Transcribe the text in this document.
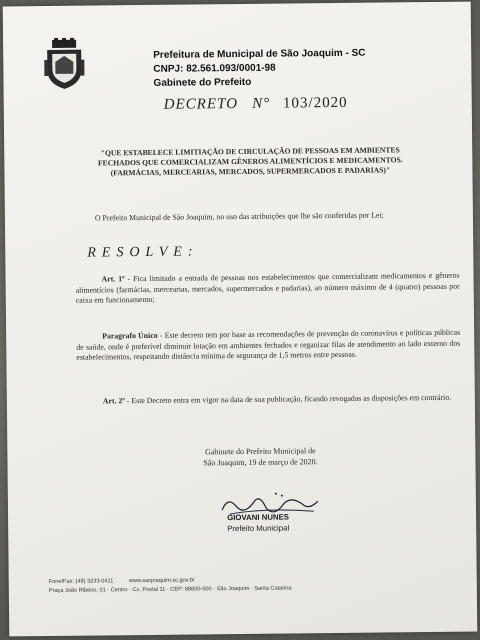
Prefeitura de Municipal de São Joaquim - SC
CNPJ: 82.561.093/0001-98
Gabinete do Prefeito
DECRETO   N° 103/2020
"QUE ESTABELECE LIMITIAÇÃO DE CIRCULAÇÃO DE PESSOAS EM AMBIENTES
FECHADOS QUE COMERCIALIZAM GÊNEROS ALIMENTÍCIOS E MEDICAMENTOS.
(FARMÁCIAS, MERCEARIAS, MERCADOS, SUPERMERCADOS E PADARIAS)"
O Prefeito Municipal de São Joaquim, no uso das atribuições que lhe são conferidas por Lei;
RESOLVE:
Art. 1º - Fica limitado a entrada de pessoas nos estabelecimentos que comercializam medicamentos e gêneros alimentícios (farmácias, mercearias, mercados, supermercados e padarias), ao número máximo de 4 (quatro) pessoas por caixa em funcionamento;
Paragrafo Único - Este decreto tem por base as recomendações de prevenção do coronavírus e políticas públicas de saúde, onde é preferível diminuir lotação em ambientes fechados e organizar filas de atendimento ao lado externo dos estabelecimentos, respeitando distância mínima de segurança de 1,5 metros entre pessoas.
Art. 2º - Este Decreto entra em vigor na data de sua publicação, ficando revogadas as disposições em contrário.
Gabinete do Prefeito Municipal de
São Joaquim, 19 de março de 2020.
GIOVANI NUNES
Prefeito Municipal
Fone/Fax: (49) 3233-0411	www.saojoaquim.sc.gov.br
Praça João Ribeiro, 01 · Centro · Cx. Postal 11 · CEP: 88600-000 · São Joaquim · Santa Catarina
